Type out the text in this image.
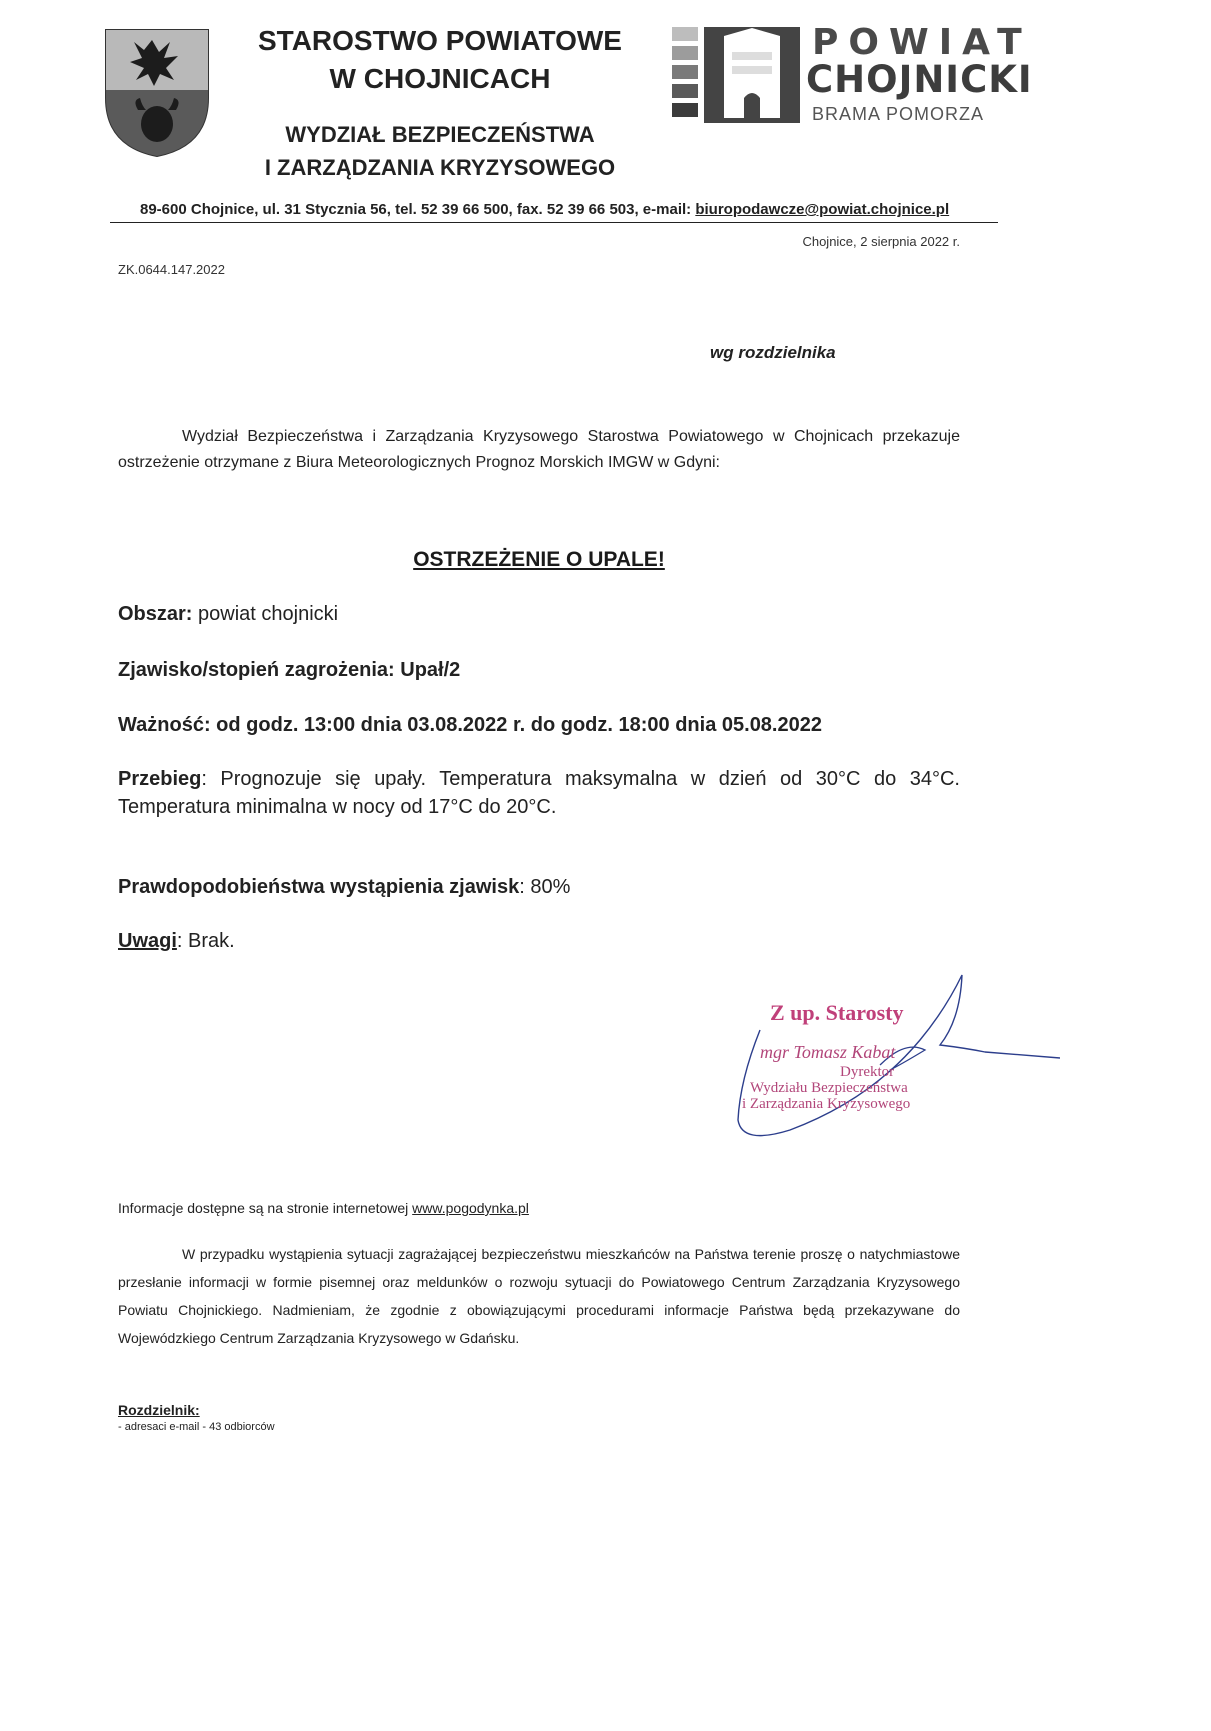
STAROSTWO POWIATOWE
W CHOJNICACH
WYDZIAŁ BEZPIECZEŃSTWA
I ZARZĄDZANIA KRYZYSOWEGO
POWIAT
CHOJNICKI
BRAMA POMORZA
89-600 Chojnice, ul. 31 Stycznia 56, tel. 52 39 66 500, fax. 52 39 66 503, e-mail: biuropodawcze@powiat.chojnice.pl
Chojnice, 2 sierpnia 2022 r.
ZK.0644.147.2022
wg rozdzielnika
Wydział Bezpieczeństwa i Zarządzania Kryzysowego Starostwa Powiatowego w Chojnicach przekazuje ostrzeżenie otrzymane z Biura Meteorologicznych Prognoz Morskich IMGW w Gdyni:
OSTRZEŻENIE O UPALE!
Obszar: powiat chojnicki
Zjawisko/stopień zagrożenia: Upał/2
Ważność: od godz. 13:00 dnia 03.08.2022 r. do godz. 18:00 dnia 05.08.2022
Przebieg: Prognozuje się upały. Temperatura maksymalna w dzień od 30°C do 34°C. Temperatura minimalna w nocy od 17°C do 20°C.
Prawdopodobieństwa wystąpienia zjawisk: 80%
Uwagi: Brak.
Z up. Starosty
mgr Tomasz Kabat
Dyrektor
Wydziału Bezpieczeństwa
i Zarządzania Kryzysowego
Informacje dostępne są na stronie internetowej www.pogodynka.pl
W przypadku wystąpienia sytuacji zagrażającej bezpieczeństwu mieszkańców na Państwa terenie proszę o natychmiastowe przesłanie informacji w formie pisemnej oraz meldunków o rozwoju sytuacji do Powiatowego Centrum Zarządzania Kryzysowego Powiatu Chojnickiego. Nadmieniam, że zgodnie z obowiązującymi procedurami informacje Państwa będą przekazywane do Wojewódzkiego Centrum Zarządzania Kryzysowego w Gdańsku.
Rozdzielnik:
- adresaci e-mail - 43 odbiorców
